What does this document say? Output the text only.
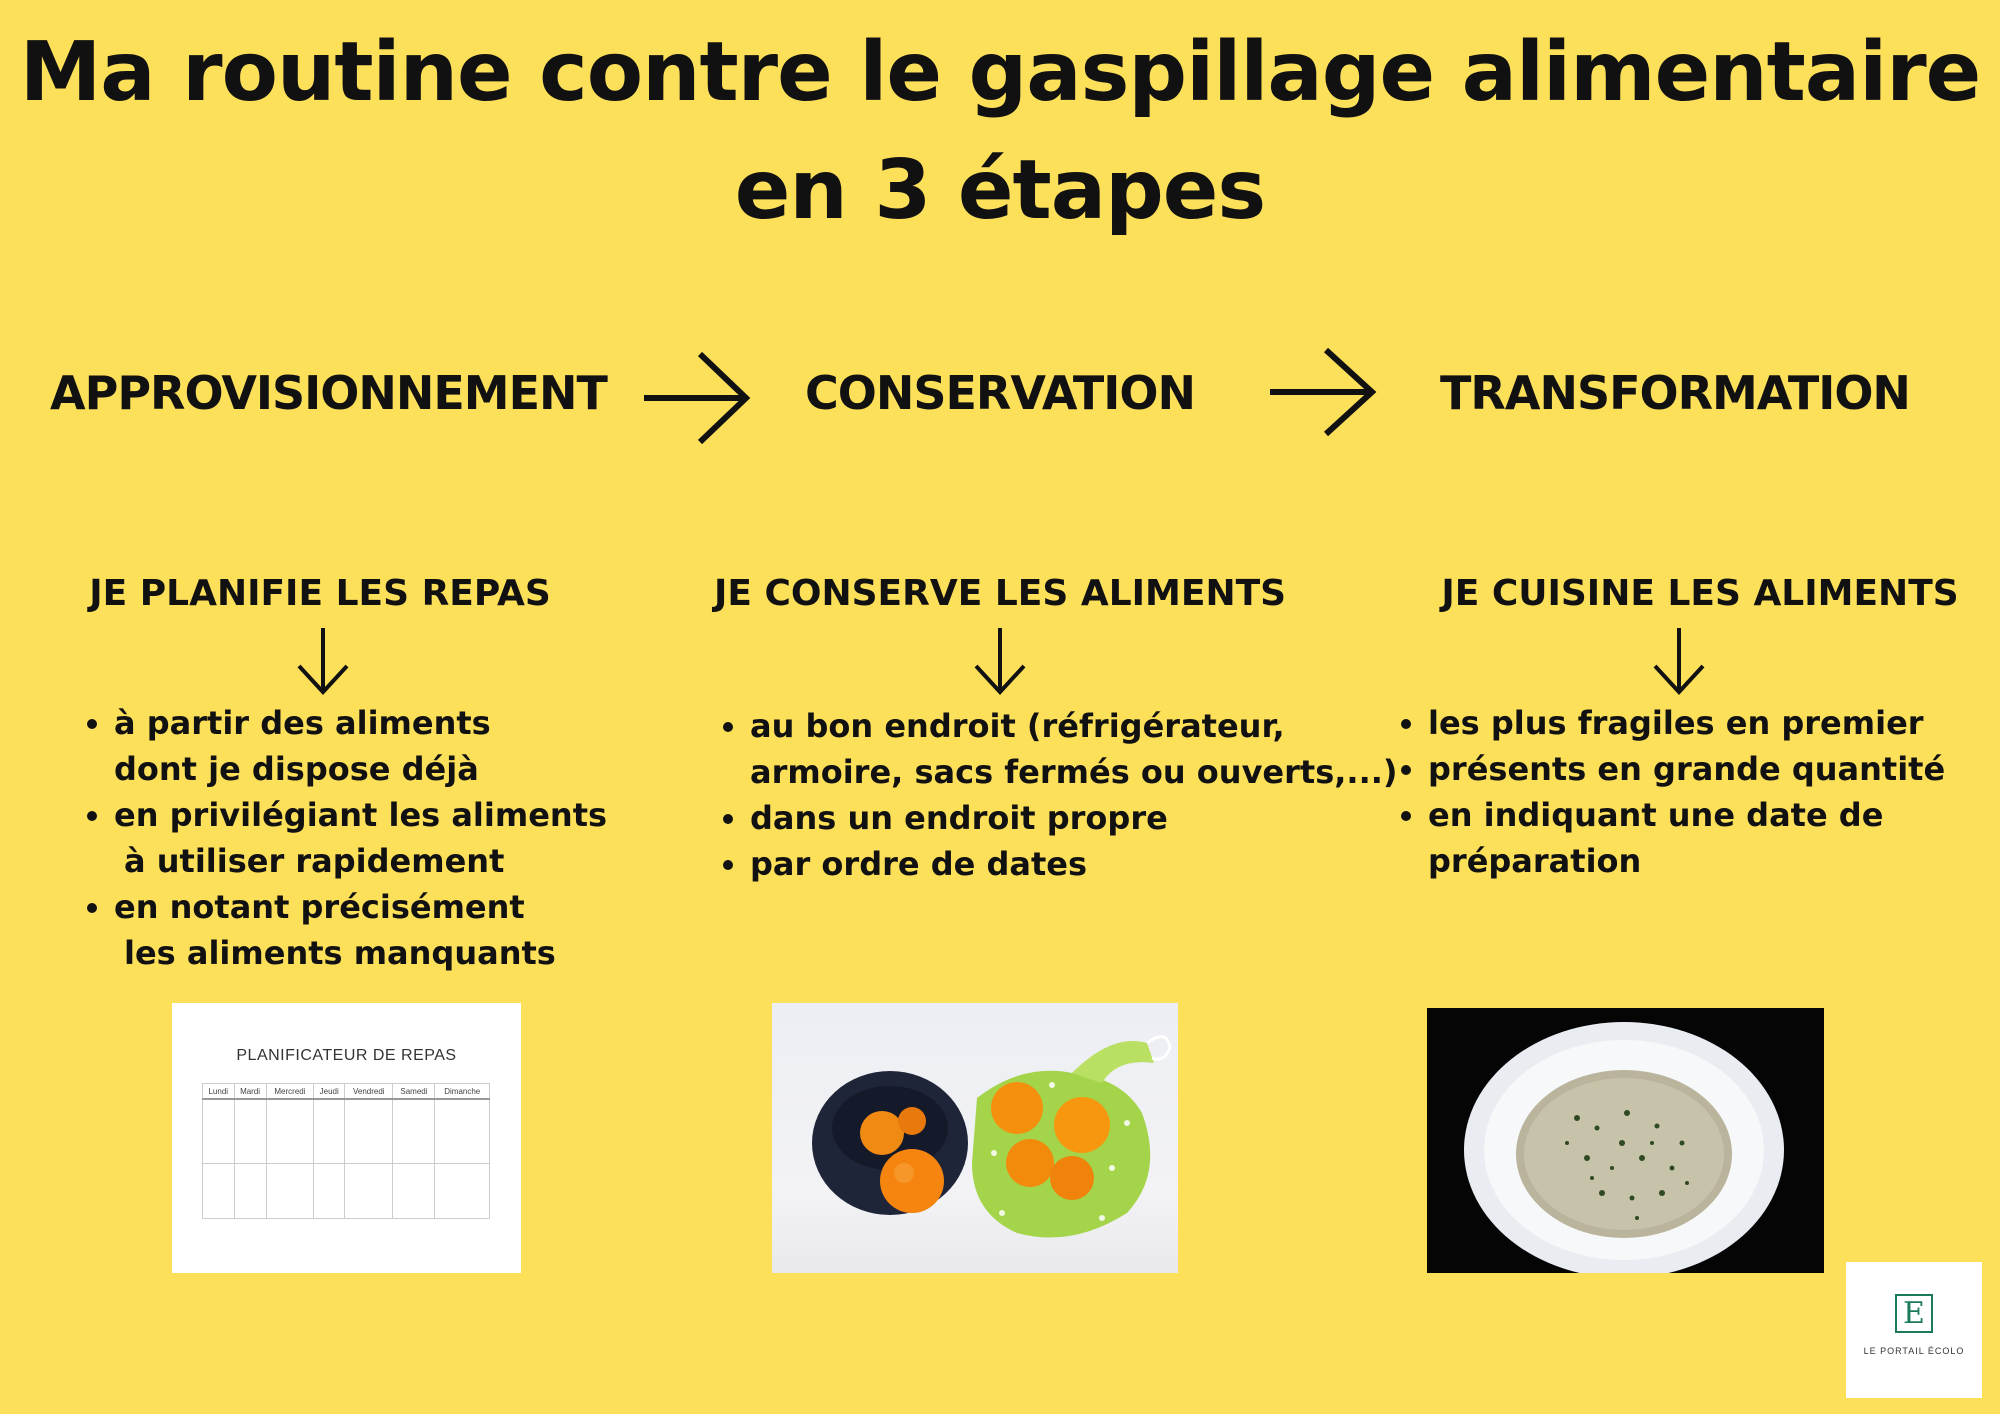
Ma routine contre le gaspillage alimentaire
en 3 étapes
APPROVISIONNEMENT	CONSERVATION	TRANSFORMATION
JE PLANIFIE LES REPAS
• à partir des aliments
dont je dispose déjà
• en privilégiant les aliments
à utiliser rapidement
• en notant précisément
les aliments manquants
JE CONSERVE LES ALIMENTS
• au bon endroit (réfrigérateur,
armoire, sacs fermés ou ouverts,...)
• dans un endroit propre
• par ordre de dates
JE CUISINE LES ALIMENTS
• les plus fragiles en premier
• présents en grande quantité
• en indiquant une date de
préparation
PLANIFICATEUR DE REPAS
Lundi	Mardi	Mercredi	Jeudi	Vendredi	Samedi	Dimanche

E
LE PORTAIL ÉCOLO
